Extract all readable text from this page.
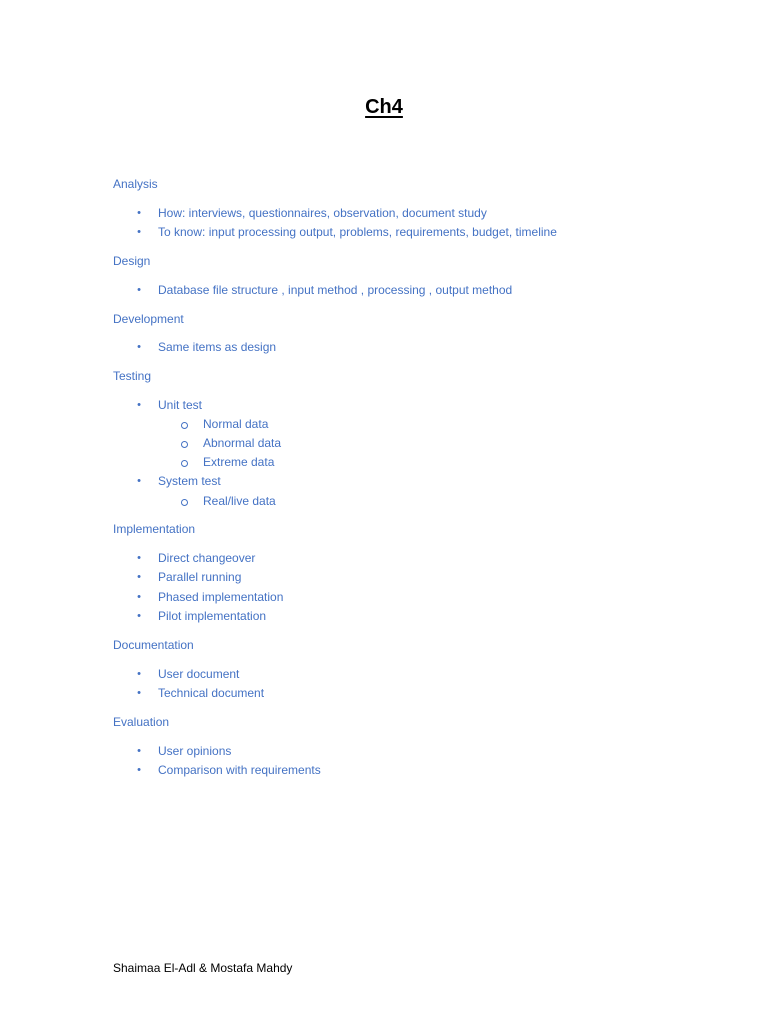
Ch4
Analysis
• How: interviews, questionnaires, observation, document study
• To know: input processing output, problems, requirements, budget, timeline
Design
• Database file structure , input method , processing , output method
Development
• Same items as design
Testing
• Unit test
Normal data
Abnormal data
Extreme data
• System test
Real/live data
Implementation
• Direct changeover
• Parallel running
• Phased implementation
• Pilot implementation
Documentation
• User document
• Technical document
Evaluation
• User opinions
• Comparison with requirements
Shaimaa El-Adl & Mostafa Mahdy
